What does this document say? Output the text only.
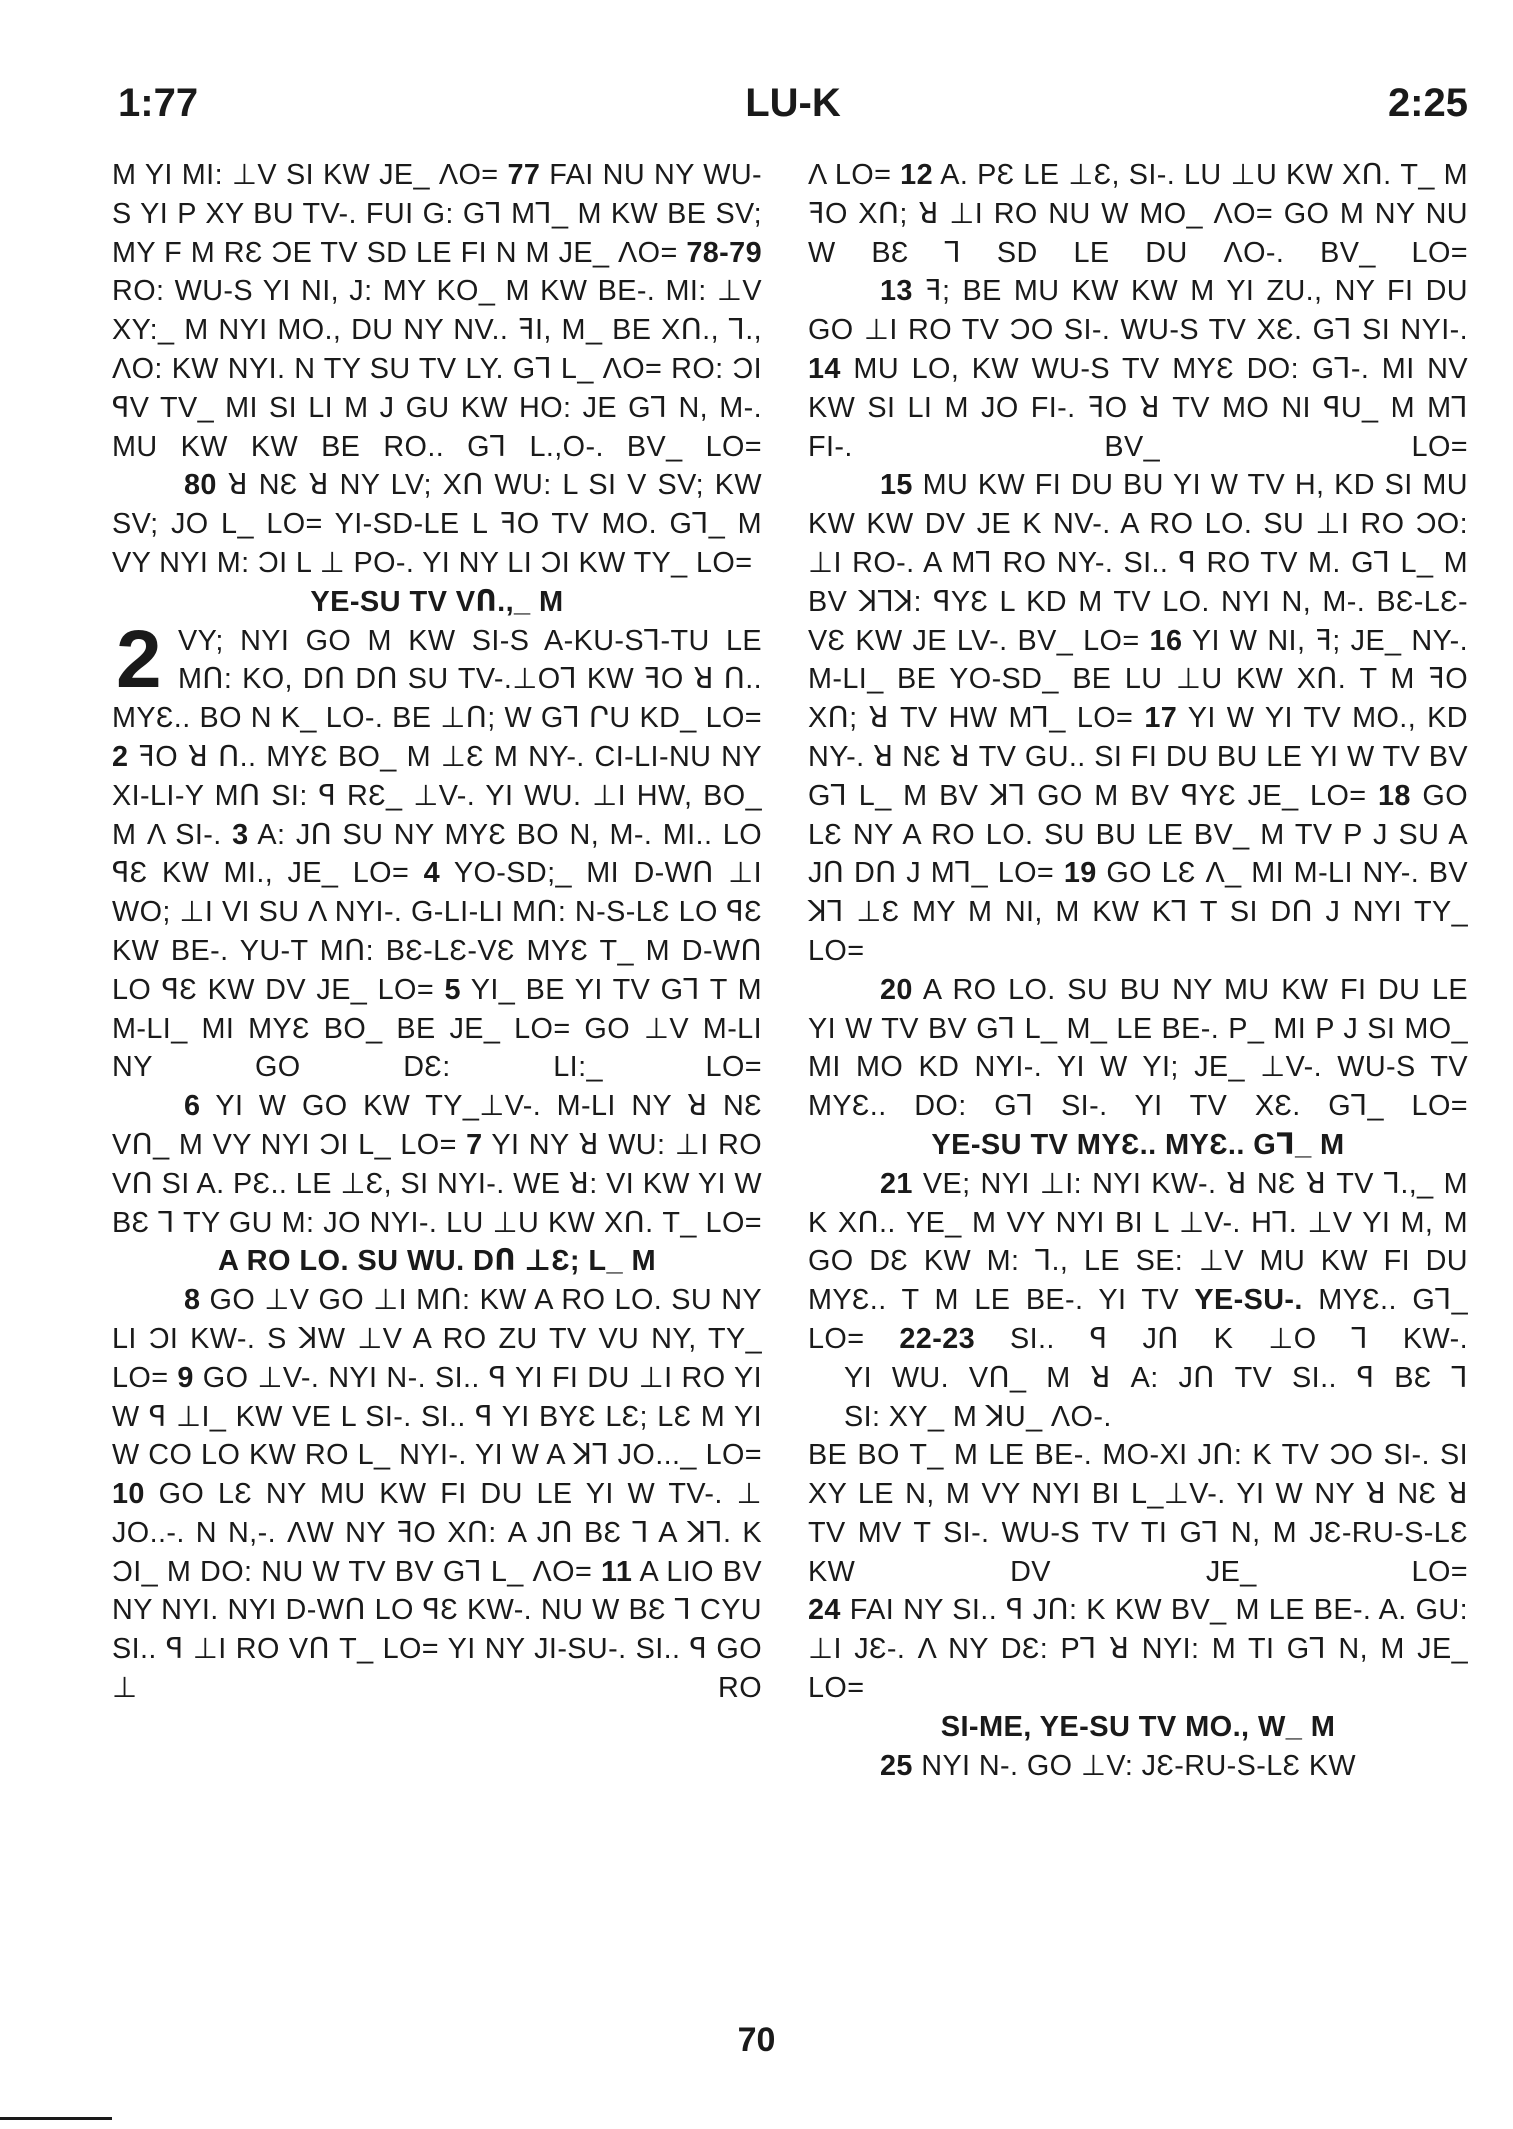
1:77	LU-K	2:25

M YI MI: ⊥V SI KW JE_ ΛO= 77 FAI NU NY WU-S YI P XY BU TV-. FUI G: GꞀ MꞀ_ M KW BE SV; MY F M RƐ ƆE TV SD LE FI N M JE_ ΛO= 78-79 RO: WU-S YI NI, J: MY KO_ M KW BE-. MI: ⊥V XY:_ M NYI MO., DU NY NV.. ꟻI, M_ BE XՈ., Ꞁ., ΛO: KW NYI. N TY SU TV LY. GꞀ L_ ΛO= RO: ƆI ꟼV TV_ MI SI LI M J GU KW HO: JE GꞀ N, M-. MU KW KW BE RO.. GꞀ L.,O-. BV_ LO=

80 ꓤ NƐ ꓤ NY LV; XՈ WU: L SI V SV; KW SV; JO L_ LO= YI-SD-LE L ꟻO TV MO. GꞀ_ M VY NYI M: ƆI L ⊥ PO-. YI NY LI ƆI KW TY_ LO=

YE-SU TV VՈ.,_ M

2 VY; NYI GO M KW SI-S A-KU-SꞀ-TU LE MՈ: KO, DՈ DՈ SU TV-.⊥OꞀ KW ꟻO ꓤ Ո.. MYƐ.. BO N K_ LO-. BE ⊥Ո; W GꞀ ՐU KD_ LO= 2 ꟻO ꓤ Ո.. MYƐ BO_ M ⊥Ɛ M NY-. CI-LI-NU NY XI-LI-Y MՈ SI: ꟼ RƐ_ ⊥V-. YI WU. ⊥I HW, BO_ M Λ SI-. 3 A: JՈ SU NY MYƐ BO N, M-. MI.. LO ꟼƐ KW MI., JE_ LO= 4 YO-SD;_ MI D-WՈ ⊥I WO; ⊥I VI SU Λ NYI-. G-LI-LI MՈ: N-S-LƐ LO ꟼƐ KW BE-. YU-T MՈ: BƐ-LƐ-VƐ MYƐ T_ M D-WՈ LO ꟼƐ KW DV JE_ LO= 5 YI_ BE YI TV GꞀ T M M-LI_ MI MYƐ BO_ BE JE_ LO= GO ⊥V M-LI NY GO DƐ: LI:_ LO=

6 YI W GO KW TY_⊥V-. M-LI NY ꓤ NƐ VՈ_ M VY NYI ƆI L_ LO= 7 YI NY ꓤ WU: ⊥I RO VՈ SI A. PƐ.. LE ⊥Ɛ, SI NYI-. WE ꓤ: VI KW YI W BƐ Ꞁ TY GU M: JO NYI-. LU ⊥U KW XՈ. T_ LO=

A RO LO. SU WU. DՈ ⊥Ɛ; L_ M

8 GO ⊥V GO ⊥I MՈ: KW A RO LO. SU NY LI ƆI KW-. S ꓘW ⊥V A RO ZU TV VU NY, TY_ LO= 9 GO ⊥V-. NYI N-. SI.. ꟼ YI FI DU ⊥I RO YI W ꟼ ⊥I_ KW VE L SI-. SI.. ꟼ YI BYƐ LƐ; LƐ M YI W CO LO KW RO L_ NYI-. YI W A ꓘꞀ JO..._ LO= 10 GO LƐ NY MU KW FI DU LE YI W TV-. ⊥ JO..-. N N,-. ΛW NY ꟻO XՈ: A JՈ BƐ Ꞁ A ꓘꞀ. K ƆI_ M DO: NU W TV BV GꞀ L_ ΛO= 11 A LIO BV NY NYI. NYI D-WՈ LO ꟼƐ KW-. NU W BƐ Ꞁ CYU SI.. ꟼ ⊥I RO VՈ T_ LO= YI NY JI-SU-. SI.. ꟼ GO ⊥ RO

Λ LO= 12 A. PƐ LE ⊥Ɛ, SI-. LU ⊥U KW XՈ. T_ M ꟻO XՈ; ꓤ ⊥I RO NU W MO_ ΛO= GO M NY NU W BƐ Ꞁ SD LE DU ΛO-. BV_ LO=

13 ꟻ; BE MU KW KW M YI ZU., NY FI DU GO ⊥I RO TV ƆO SI-. WU-S TV XƐ. GꞀ SI NYI-. 14 MU LO, KW WU-S TV MYƐ DO: GꞀ-. MI NV KW SI LI M JO FI-. ꟻO ꓤ TV MO NI ꟼU_ M MꞀ FI-. BV_ LO=

15 MU KW FI DU BU YI W TV H, KD SI MU KW KW DV JE K NV-. A RO LO. SU ⊥I RO ƆO: ⊥I RO-. A MꞀ RO NY-. SI.. ꟼ RO TV M. GꞀ L_ M BV ꓘ⅂ꓘ: ꟼYƐ L KD M TV LO. NYI N, M-. BƐ-LƐ-VƐ KW JE LV-. BV_ LO= 16 YI W NI, ꟻ; JE_ NY-. M-LI_ BE YO-SD_ BE LU ⊥U KW XՈ. T M ꟻO XՈ; ꓤ TV HW MꞀ_ LO= 17 YI W YI TV MO., KD NY-. ꓤ NƐ ꓤ TV GU.. SI FI DU BU LE YI W TV BV GꞀ L_ M BV ꓘꞀ GO M BV ꟼYƐ JE_ LO= 18 GO LƐ NY A RO LO. SU BU LE BV_ M TV P J SU A JՈ DՈ J MꞀ_ LO= 19 GO LƐ Λ_ MI M-LI NY-. BV ꓘ⅂ ⊥Ɛ MY M NI, M KW KꞀ T SI DՈ J NYI TY_ LO=

20 A RO LO. SU BU NY MU KW FI DU LE YI W TV BV GꞀ L_ M_ LE BE-. P_ MI P J SI MO_ MI MO KD NYI-. YI W YI; JE_ ⊥V-. WU-S TV MYƐ.. DO: GꞀ SI-. YI TV XƐ. GꞀ_ LO=

YE-SU TV MYƐ.. MYƐ.. GꞀ_ M

21 VE; NYI ⊥I: NYI KW-. ꓤ NƐ ꓤ TV Ꞁ.,_ M K XՈ.. YE_ M VY NYI BI L ⊥V-. HꞀ. ⊥V YI M, M GO DƐ KW M: Ꞁ., LE SE: ⊥V MU KW FI DU MYƐ.. T M LE BE-. YI TV YE-SU-. MYƐ.. GꞀ_ LO= 22-23 SI.. ꟼ JՈ K ⊥O Ꞁ KW-.

YI WU. VՈ_ M ꓤ A: JՈ TV SI.. ꟼ BƐ Ꞁ

SI: XY_ M ꓘU_ ΛO-.

BE BO T_ M LE BE-. MO-XI JՈ: K TV ƆO SI-. SI XY LE N, M VY NYI BI L_⊥V-. YI W NY ꓤ NƐ ꓤ TV MV T SI-. WU-S TV TI GꞀ N, M JƐ-RU-S-LƐ KW DV JE_ LO=

24 FAI NY SI.. ꟼ JՈ: K KW BV_ M LE BE-. A. GU: ⊥I JƐ-. Λ NY DƐ: PꞀ ꓤ NYI: M TI GꞀ N, M JE_ LO=

SI-ME, YE-SU TV MO., W_ M

25 NYI N-. GO ⊥V: JƐ-RU-S-LƐ KW

70
